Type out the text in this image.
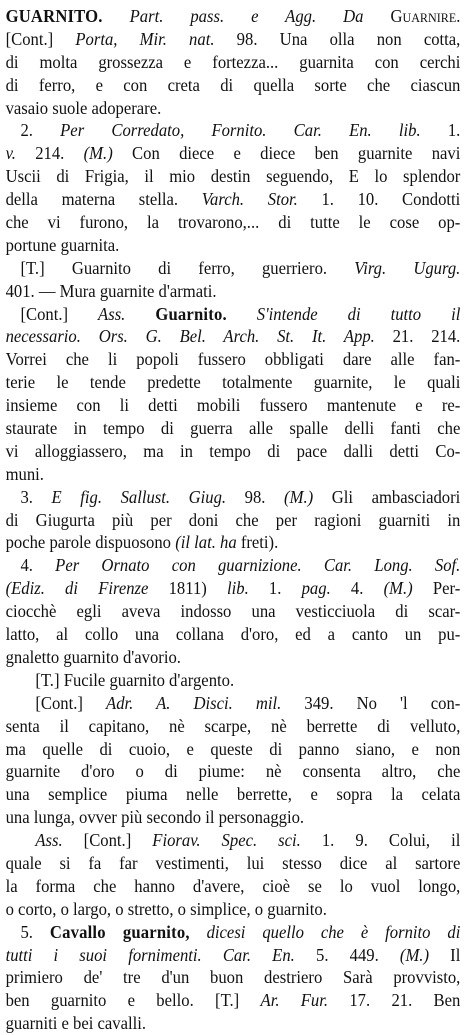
GUARNITO. Part. pass. e Agg. Da Guarnire.
[Cont.] Porta, Mir. nat. 98. Una olla non cotta,
di molta grossezza e fortezza... guarnita con cerchi
di ferro, e con creta di quella sorte che ciascun
vasaio suole adoperare.
2. Per Corredato, Fornito. Car. En. lib. 1.
v. 214. (M.) Con diece e diece ben guarnite navi
Uscii di Frigia, il mio destin seguendo, E lo splendor
della materna stella. Varch. Stor. 1. 10. Condotti
che vi furono, la trovarono,... di tutte le cose op-
portune guarnita.
[T.] Guarnito di ferro, guerriero. Virg. Ugurg.
401. — Mura guarnite d'armati.
[Cont.] Ass. Guarnito. S'intende di tutto il
necessario. Ors. G. Bel. Arch. St. It. App. 21. 214.
Vorrei che li popoli fussero obbligati dare alle fan-
terie le tende predette totalmente guarnite, le quali
insieme con li detti mobili fussero mantenute e re-
staurate in tempo di guerra alle spalle delli fanti che
vi alloggiassero, ma in tempo di pace dalli detti Co-
muni.
3. E fig. Sallust. Giug. 98. (M.) Gli ambasciadori
di Giugurta più per doni che per ragioni guarniti in
poche parole dispuosono (il lat. ha freti).
4. Per Ornato con guarnizione. Car. Long. Sof.
(Ediz. di Firenze 1811) lib. 1. pag. 4. (M.) Per-
ciocchè egli aveva indosso una vesticciuola di scar-
latto, al collo una collana d'oro, ed a canto un pu-
gnaletto guarnito d'avorio.
[T.] Fucile guarnito d'argento.
[Cont.] Adr. A. Disci. mil. 349. No 'l con-
senta il capitano, nè scarpe, nè berrette di velluto,
ma quelle di cuoio, e queste di panno siano, e non
guarnite d'oro o di piume: nè consenta altro, che
una semplice piuma nelle berrette, e sopra la celata
una lunga, ovver più secondo il personaggio.
Ass. [Cont.] Fiorav. Spec. sci. 1. 9. Colui, il
quale si fa far vestimenti, lui stesso dice al sartore
la forma che hanno d'avere, cioè se lo vuol longo,
o corto, o largo, o stretto, o simplice, o guarnito.
5. Cavallo guarnito, dicesi quello che è fornito di
tutti i suoi fornimenti. Car. En. 5. 449. (M.) Il
primiero de' tre d'un buon destriero Sarà provvisto,
ben guarnito e bello. [T.] Ar. Fur. 17. 21. Ben
guarniti e bei cavalli.
